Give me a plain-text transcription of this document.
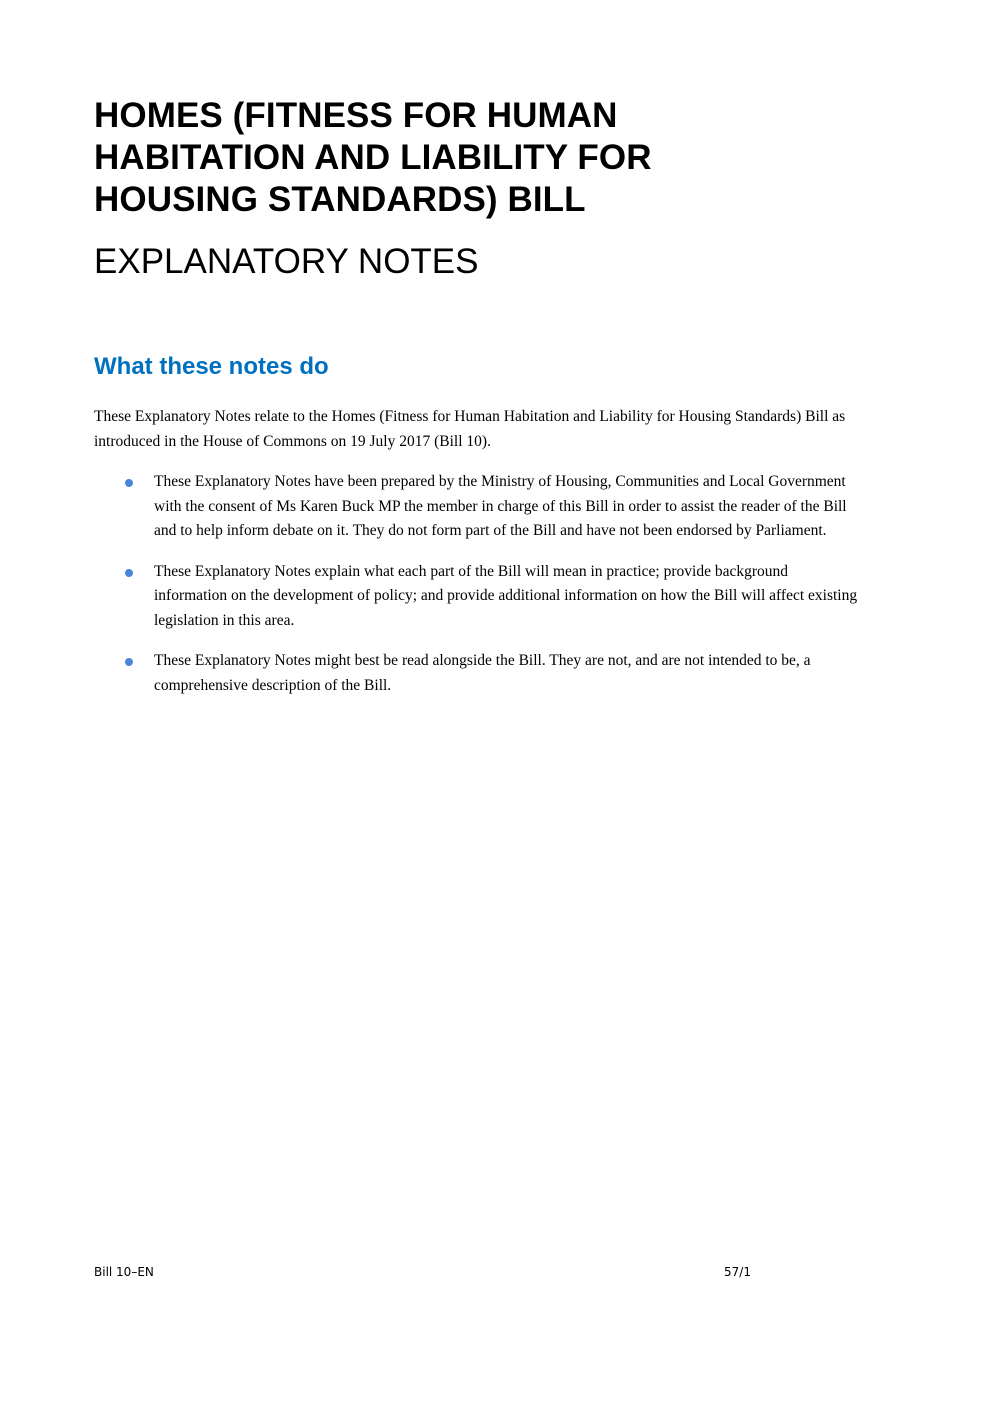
HOMES (FITNESS FOR HUMAN
HABITATION AND LIABILITY FOR
HOUSING STANDARDS) BILL
EXPLANATORY NOTES
What these notes do

These Explanatory Notes relate to the Homes (Fitness for Human Habitation and Liability for Housing Standards) Bill as introduced in the House of Commons on 19 July 2017 (Bill 10).

These Explanatory Notes have been prepared by the Ministry of Housing, Communities and Local Government with the consent of Ms Karen Buck MP the member in charge of this Bill in order to assist the reader of the Bill and to help inform debate on it. They do not form part of the Bill and have not been endorsed by Parliament.
These Explanatory Notes explain what each part of the Bill will mean in practice; provide background information on the development of policy; and provide additional information on how the Bill will affect existing legislation in this area.
These Explanatory Notes might best be read alongside the Bill. They are not, and are not intended to be, a comprehensive description of the Bill.
Bill 10–EN	57/1
